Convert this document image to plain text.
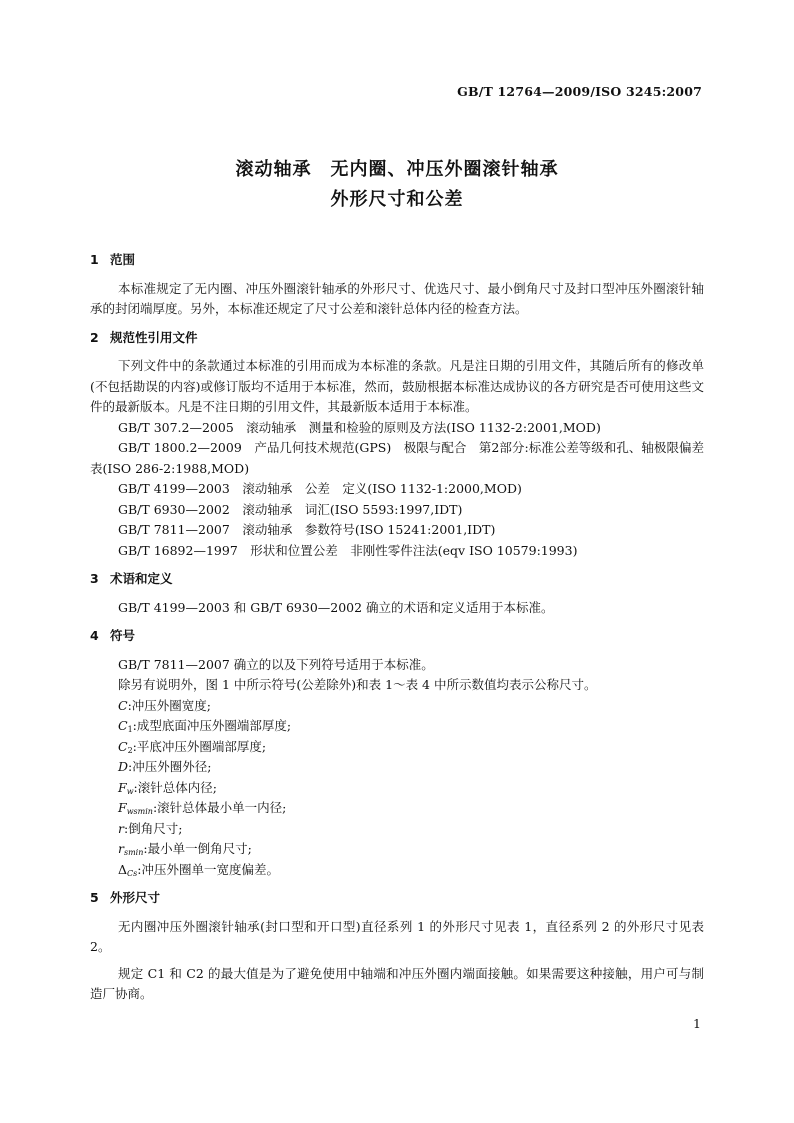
GB/T 12764—2009/ISO 3245:2007
滚动轴承　无内圈、冲压外圈滚针轴承
外形尺寸和公差

1 范围

本标准规定了无内圈、冲压外圈滚针轴承的外形尺寸、优选尺寸、最小倒角尺寸及封口型冲压外圈滚针轴承的封闭端厚度。另外，本标准还规定了尺寸公差和滚针总体内径的检查方法。

2 规范性引用文件

下列文件中的条款通过本标准的引用而成为本标准的条款。凡是注日期的引用文件，其随后所有的修改单(不包括勘误的内容)或修订版均不适用于本标准，然而，鼓励根据本标准达成协议的各方研究是否可使用这些文件的最新版本。凡是不注日期的引用文件，其最新版本适用于本标准。

GB/T 307.2—2005　滚动轴承　测量和检验的原则及方法(ISO 1132-2:2001,MOD)

GB/T 1800.2—2009　产品几何技术规范(GPS)　极限与配合　第2部分:标准公差等级和孔、轴极限偏差表(ISO 286-2:1988,MOD)

GB/T 4199—2003　滚动轴承　公差　定义(ISO 1132-1:2000,MOD)

GB/T 6930—2002　滚动轴承　词汇(ISO 5593:1997,IDT)

GB/T 7811—2007　滚动轴承　参数符号(ISO 15241:2001,IDT)

GB/T 16892—1997　形状和位置公差　非刚性零件注法(eqv ISO 10579:1993)

3 术语和定义

GB/T 4199—2003 和 GB/T 6930—2002 确立的术语和定义适用于本标准。

4 符号

GB/T 7811—2007 确立的以及下列符号适用于本标准。

除另有说明外，图 1 中所示符号(公差除外)和表 1～表 4 中所示数值均表示公称尺寸。

C:冲压外圈宽度;

$C_1$:成型底面冲压外圈端部厚度;

$C_2$:平底冲压外圈端部厚度;

D:冲压外圈外径;

$F_w$:滚针总体内径;

$F_{wsmin}$:滚针总体最小单一内径;

r:倒角尺寸;

$r_{smin}$:最小单一倒角尺寸;

$\Delta_{Cs}$:冲压外圈单一宽度偏差。

5 外形尺寸

无内圈冲压外圈滚针轴承(封口型和开口型)直径系列 1 的外形尺寸见表 1，直径系列 2 的外形尺寸见表 2。

规定 C1 和 C2 的最大值是为了避免使用中轴端和冲压外圈内端面接触。如果需要这种接触，用户可与制造厂协商。

1
